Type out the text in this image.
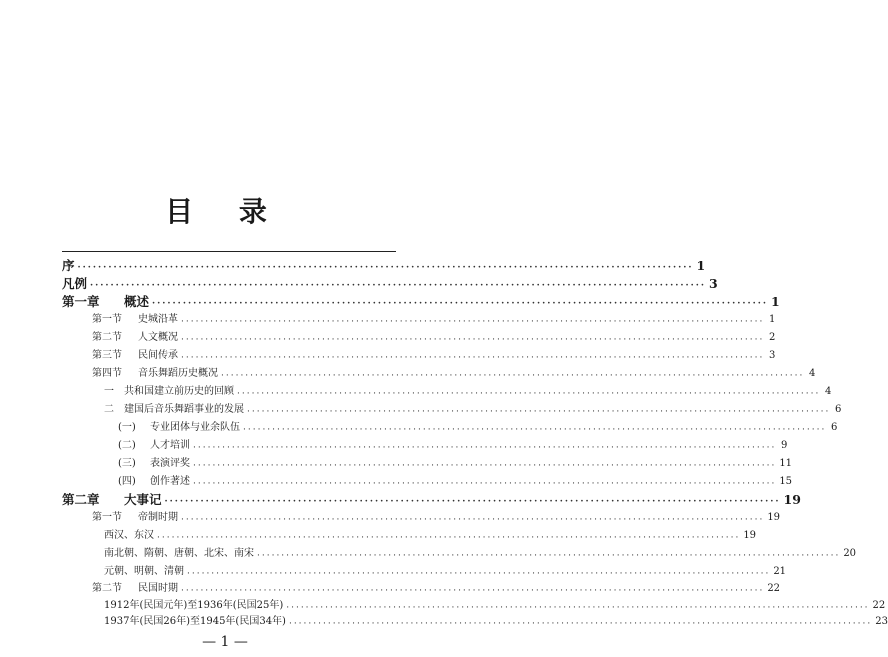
目 录
序 ························································································································ 1
凡例 ························································································································ 3
第一章 概述 ························································································································ 1
第一节 史城沿革 ························································································································ 1
第二节 人文概况 ························································································································ 2
第三节 民间传承 ························································································································ 3
第四节 音乐舞蹈历史概况 ························································································································ 4
一 共和国建立前历史的回顾 ························································································································ 4
二 建国后音乐舞蹈事业的发展 ························································································································ 6
(一) 专业团体与业余队伍 ························································································································ 6
(二) 人才培训 ························································································································ 9
(三) 表演评奖 ························································································································ 11
(四) 创作著述 ························································································································ 15
第二章 大事记 ························································································································ 19
第一节 帝制时期 ························································································································ 19
西汉、东汉 ························································································································ 19
南北朝、隋朝、唐朝、北宋、南宋 ························································································································ 20
元朝、明朝、清朝 ························································································································ 21
第二节 民国时期 ························································································································ 22
1912年(民国元年)至1936年(民国25年) ························································································································ 22
1937年(民国26年)至1945年(民国34年) ························································································································ 23
— 1 —
